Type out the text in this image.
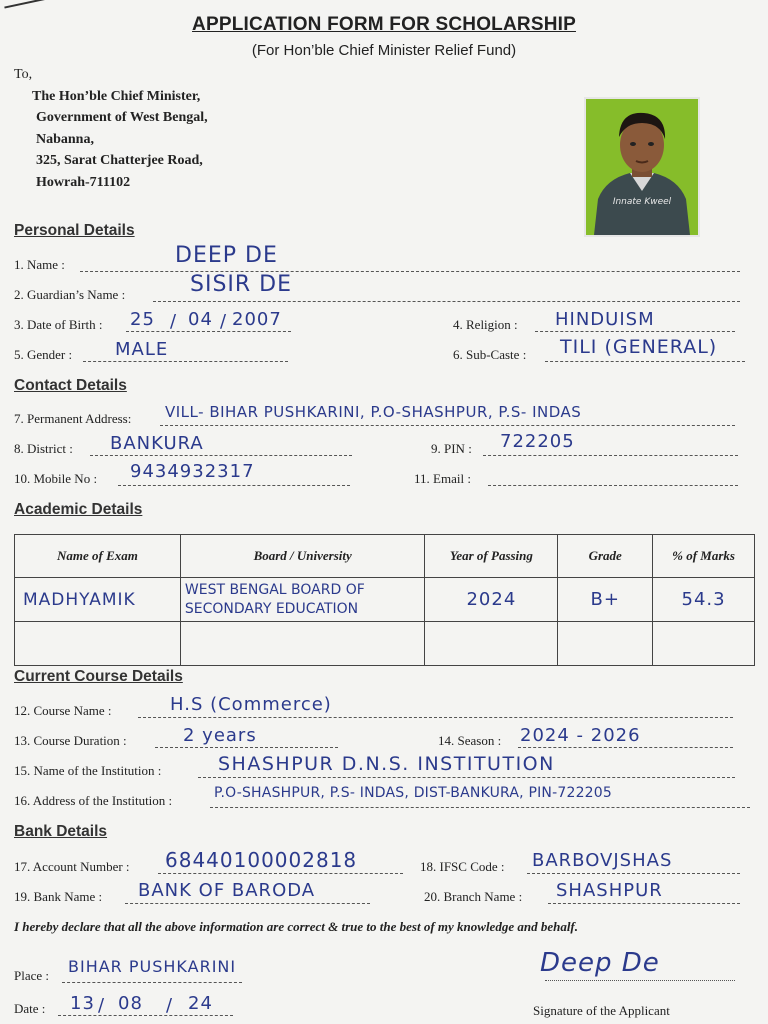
APPLICATION FORM FOR SCHOLARSHIP
(For Hon’ble Chief Minister Relief Fund)
To,
The Hon’ble Chief Minister,
Government of West Bengal,
Nabanna,
325, Sarat Chatterjee Road,
Howrah-711102
Innate Kweel
Personal Details
1. Name :	DEEP DE
2. Guardian’s Name :	SISIR DE
3. Date of Birth : 25 / 04 / 2007	4. Religion : HINDUISM
5. Gender : MALE	6. Sub-Caste : TILI (GENERAL)
Contact Details
7. Permanent Address: VILL- BIHAR PUSHKARINI, P.O-SHASHPUR, P.S- INDAS
8. District : BANKURA	9. PIN : 722205
10. Mobile No : 9434932317	11. Email :
Academic Details
Name of Exam	Board / University	Year of Passing	Grade	% of Marks
MADHYAMIK	WEST BENGAL BOARD OF
SECONDARY EDUCATION	2024	B+	54.3

Current Course Details
12. Course Name :	H.S (Commerce)
13. Course Duration :	2 years	14. Season : 2024 - 2026
15. Name of the Institution :	SHASHPUR D.N.S. INSTITUTION
16. Address of the Institution :	P.O-SHASHPUR, P.S- INDAS, DIST-BANKURA, PIN-722205
Bank Details
17. Account Number : 68440100002818	18. IFSC Code : BARBOVJSHAS
19. Bank Name : BANK OF BARODA	20. Branch Name : SHASHPUR
I hereby declare that all the above information are correct & true to the best of my knowledge and behalf.
Place : BIHAR PUSHKARINI	Deep De
Date : 13 / 08 / 24	Signature of the Applicant
